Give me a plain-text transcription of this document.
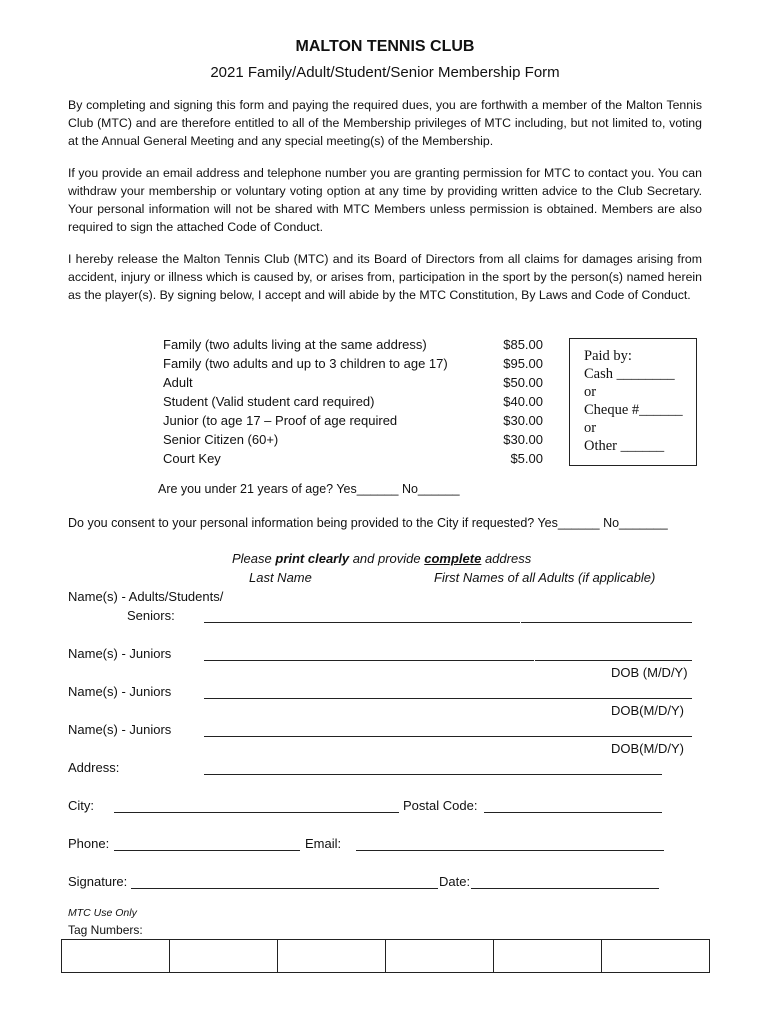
MALTON TENNIS CLUB
2021 Family/Adult/Student/Senior Membership Form
By completing and signing this form and paying the required dues, you are forthwith a member of the Malton Tennis Club (MTC) and are therefore entitled to all of the Membership privileges of MTC including, but not limited to, voting at the Annual General Meeting and any special meeting(s) of the Membership.
If you provide an email address and telephone number you are granting permission for MTC to contact you. You can withdraw your membership or voluntary voting option at any time by providing written advice to the Club Secretary. Your personal information will not be shared with MTC Members unless permission is obtained. Members are also required to sign the attached Code of Conduct.
I hereby release the Malton Tennis Club (MTC) and its Board of Directors from all claims for damages arising from accident, injury or illness which is caused by, or arises from, participation in the sport by the person(s) named herein as the player(s). By signing below, I accept and will abide by the MTC Constitution, By Laws and Code of Conduct.
Family (two adults living at the same address)	$85.00
Family (two adults and up to 3 children to age 17)	$95.00
Adult	$50.00
Student (Valid student card required)	$40.00
Junior (to age 17 – Proof of age required	$30.00
Senior Citizen (60+)	$30.00
Court Key	$5.00
Paid by:
Cash ________
or
Cheque #______
or
Other ______
Are you under 21 years of age? Yes______ No______
Do you consent to your personal information being provided to the City if requested? Yes______ No_______
Please print clearly and provide complete address
Last Name	First Names of all Adults (if applicable)
Name(s) - Adults/Students/
Seniors:
Name(s) - Juniors
DOB (M/D/Y)
Name(s) - Juniors
DOB(M/D/Y)
Name(s) - Juniors
DOB(M/D/Y)
Address:
City:	Postal Code:
Phone:	Email:
Signature:	Date:
MTC Use Only
Tag Numbers:
